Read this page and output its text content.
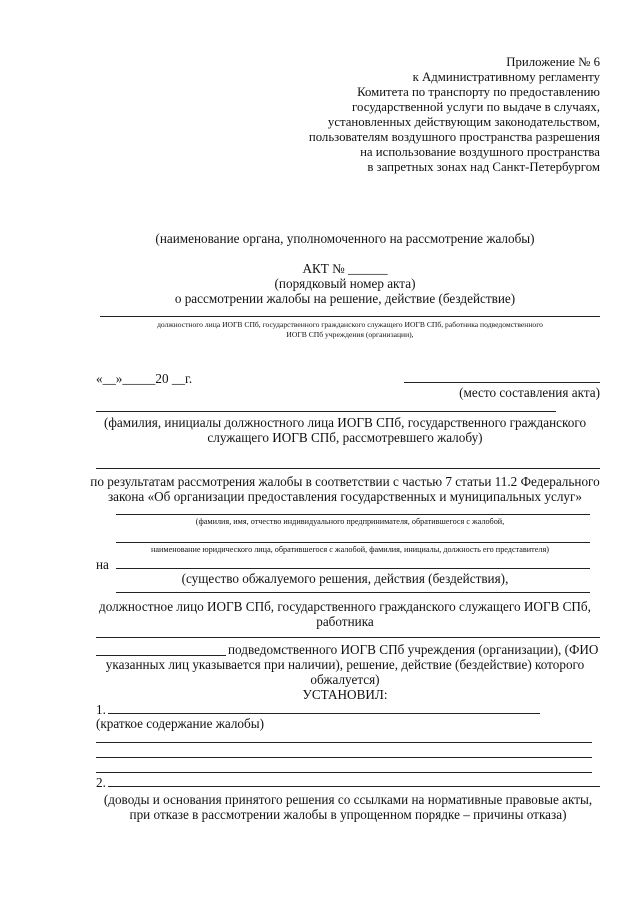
Приложение № 6
к Административному регламенту
Комитета по транспорту по предоставлению
государственной услуги по выдаче в случаях,
установленных действующим законодательством,
пользователям воздушного пространства разрешения
на использование воздушного пространства
в запретных зонах над Санкт-Петербургом
(наименование органа, уполномоченного на рассмотрение жалобы)
АКТ № ______
(порядковый номер акта)
о рассмотрении жалобы на решение, действие (бездействие)
должностного лица ИОГВ СПб, государственного гражданского служащего ИОГВ СПб, работника подведомственного
ИОГВ СПб учреждения (организации),
«__»_____20 __г.
(место составления акта)
(фамилия, инициалы должностного лица ИОГВ СПб, государственного гражданского
служащего ИОГВ СПб, рассмотревшего жалобу)
по результатам рассмотрения жалобы в соответствии с частью 7 статьи 11.2 Федерального
закона «Об организации предоставления государственных и муниципальных услуг»
(фамилия, имя, отчество индивидуального предпринимателя, обратившегося с жалобой,
наименование юридического лица, обратившегося с жалобой, фамилия, инициалы, должность его представителя)
на
(существо обжалуемого решения, действия (бездействия),
должностное лицо ИОГВ СПб, государственного гражданского служащего ИОГВ СПб,
работника
подведомственного ИОГВ СПб учреждения (организации), (ФИО
указанных лиц указывается при наличии), решение, действие (бездействие) которого
обжалуется)
УСТАНОВИЛ:
1.
(краткое содержание жалобы)
2.
(доводы и основания принятого решения со ссылками на нормативные правовые акты,
при отказе в рассмотрении жалобы в упрощенном порядке – причины отказа)
